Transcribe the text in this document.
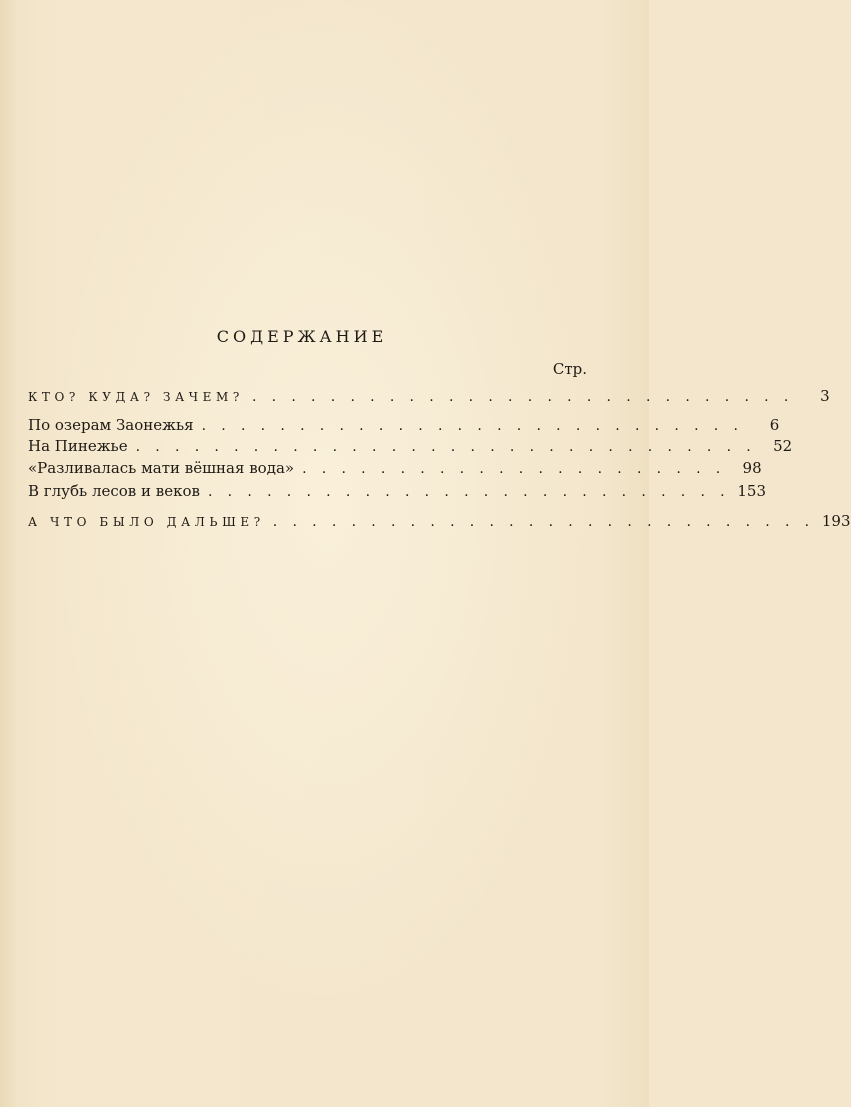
СОДЕРЖАНИЕ
Стр.
КТО? КУДА? ЗАЧЕМ? . . . . . . . . . . . . . . . . . . . . . . . . . . . .	3
По озерам Заонежья . . . . . . . . . . . . . . . . . . . . . . . . . . . .	6
На Пинежье . . . . . . . . . . . . . . . . . . . . . . . . . . . . . . . .	52
«Разливалась мати вёшная вода» . . . . . . . . . . . . . . . . . . . . . .	98
В глубь лесов и веков . . . . . . . . . . . . . . . . . . . . . . . . . . . 153
А ЧТО БЫЛО ДАЛЬШЕ? . . . . . . . . . . . . . . . . . . . . . . . . . . . . 193
